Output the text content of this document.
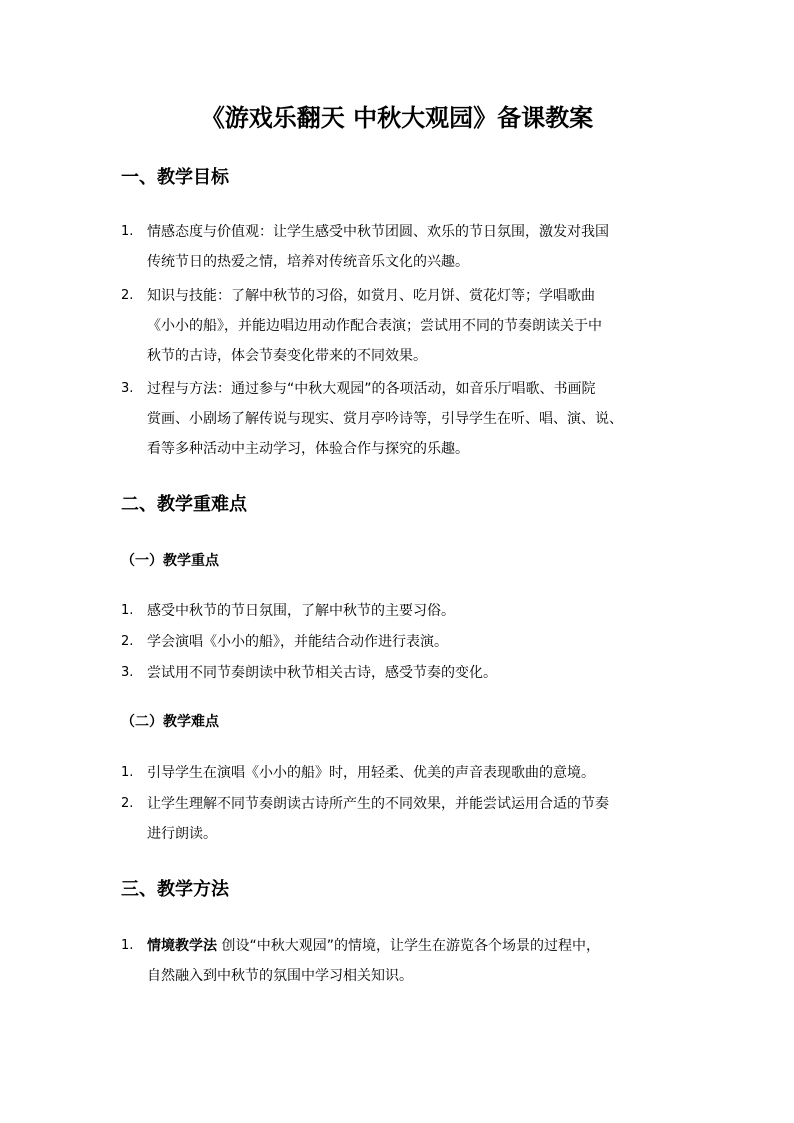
《游戏乐翻天 中秋大观园》备课教案
一、教学目标
1. 情感态度与价值观：让学生感受中秋节团圆、欢乐的节日氛围，激发对我国
传统节日的热爱之情，培养对传统音乐文化的兴趣。
2. 知识与技能：了解中秋节的习俗，如赏月、吃月饼、赏花灯等；学唱歌曲
《小小的船》，并能边唱边用动作配合表演；尝试用不同的节奏朗读关于中
秋节的古诗，体会节奏变化带来的不同效果。
3. 过程与方法：通过参与“中秋大观园”的各项活动，如音乐厅唱歌、书画院
赏画、小剧场了解传说与现实、赏月亭吟诗等，引导学生在听、唱、演、说、
看等多种活动中主动学习，体验合作与探究的乐趣。
二、教学重难点
（一）教学重点
1. 感受中秋节的节日氛围，了解中秋节的主要习俗。
2. 学会演唱《小小的船》，并能结合动作进行表演。
3. 尝试用不同节奏朗读中秋节相关古诗，感受节奏的变化。
（二）教学难点
1. 引导学生在演唱《小小的船》时，用轻柔、优美的声音表现歌曲的意境。
2. 让学生理解不同节奏朗读古诗所产生的不同效果，并能尝试运用合适的节奏
进行朗读。
三、教学方法
1. 情境教学法 创设“中秋大观园”的情境，让学生在游览各个场景的过程中，
自然融入到中秋节的氛围中学习相关知识。
